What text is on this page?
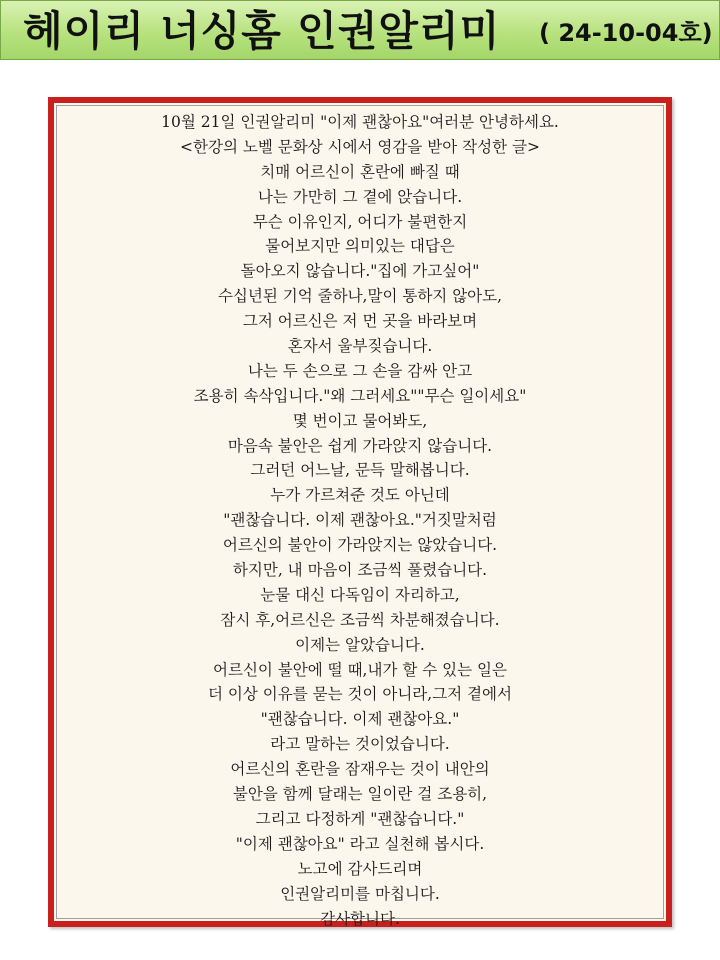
헤이리 너싱홈 인권알리미 ( 24-10-04호)
10월 21일 인권알리미 "이제 괜찮아요"여러분 안녕하세요.
<한강의 노벨 문화상 시에서 영감을 받아 작성한 글>
치매 어르신이 혼란에 빠질 때
나는 가만히 그 곁에 앉습니다.
무슨 이유인지, 어디가 불편한지
물어보지만 의미있는 대답은
돌아오지 않습니다."집에 가고싶어"
수십년된 기억 줄하나,말이 통하지 않아도,
그저 어르신은 저 먼 곳을 바라보며
혼자서 울부짖습니다.
나는 두 손으로 그 손을 감싸 안고
조용히 속삭입니다."왜 그러세요""무슨 일이세요"
몇 번이고 물어봐도,
마음속 불안은 쉽게 가라앉지 않습니다.
그러던 어느날, 문득 말해봅니다.
누가 가르쳐준 것도 아닌데
"괜찮습니다. 이제 괜찮아요."거짓말처럼
어르신의 불안이 가라앉지는 않았습니다.
하지만, 내 마음이 조금씩 풀렸습니다.
눈물 대신 다독임이 자리하고,
잠시 후,어르신은 조금씩 차분해졌습니다.
이제는 알았습니다.
어르신이 불안에 떨 때,내가 할 수 있는 일은
더 이상 이유를 묻는 것이 아니라,그저 곁에서
"괜찮습니다. 이제 괜찮아요."
라고 말하는 것이었습니다.
어르신의 혼란을 잠재우는 것이 내안의
불안을 함께 달래는 일이란 걸 조용히,
그리고 다정하게 "괜찮습니다."
"이제 괜찮아요" 라고 실천해 봅시다.
노고에 감사드리며
인권알리미를 마칩니다.
감사합니다.
